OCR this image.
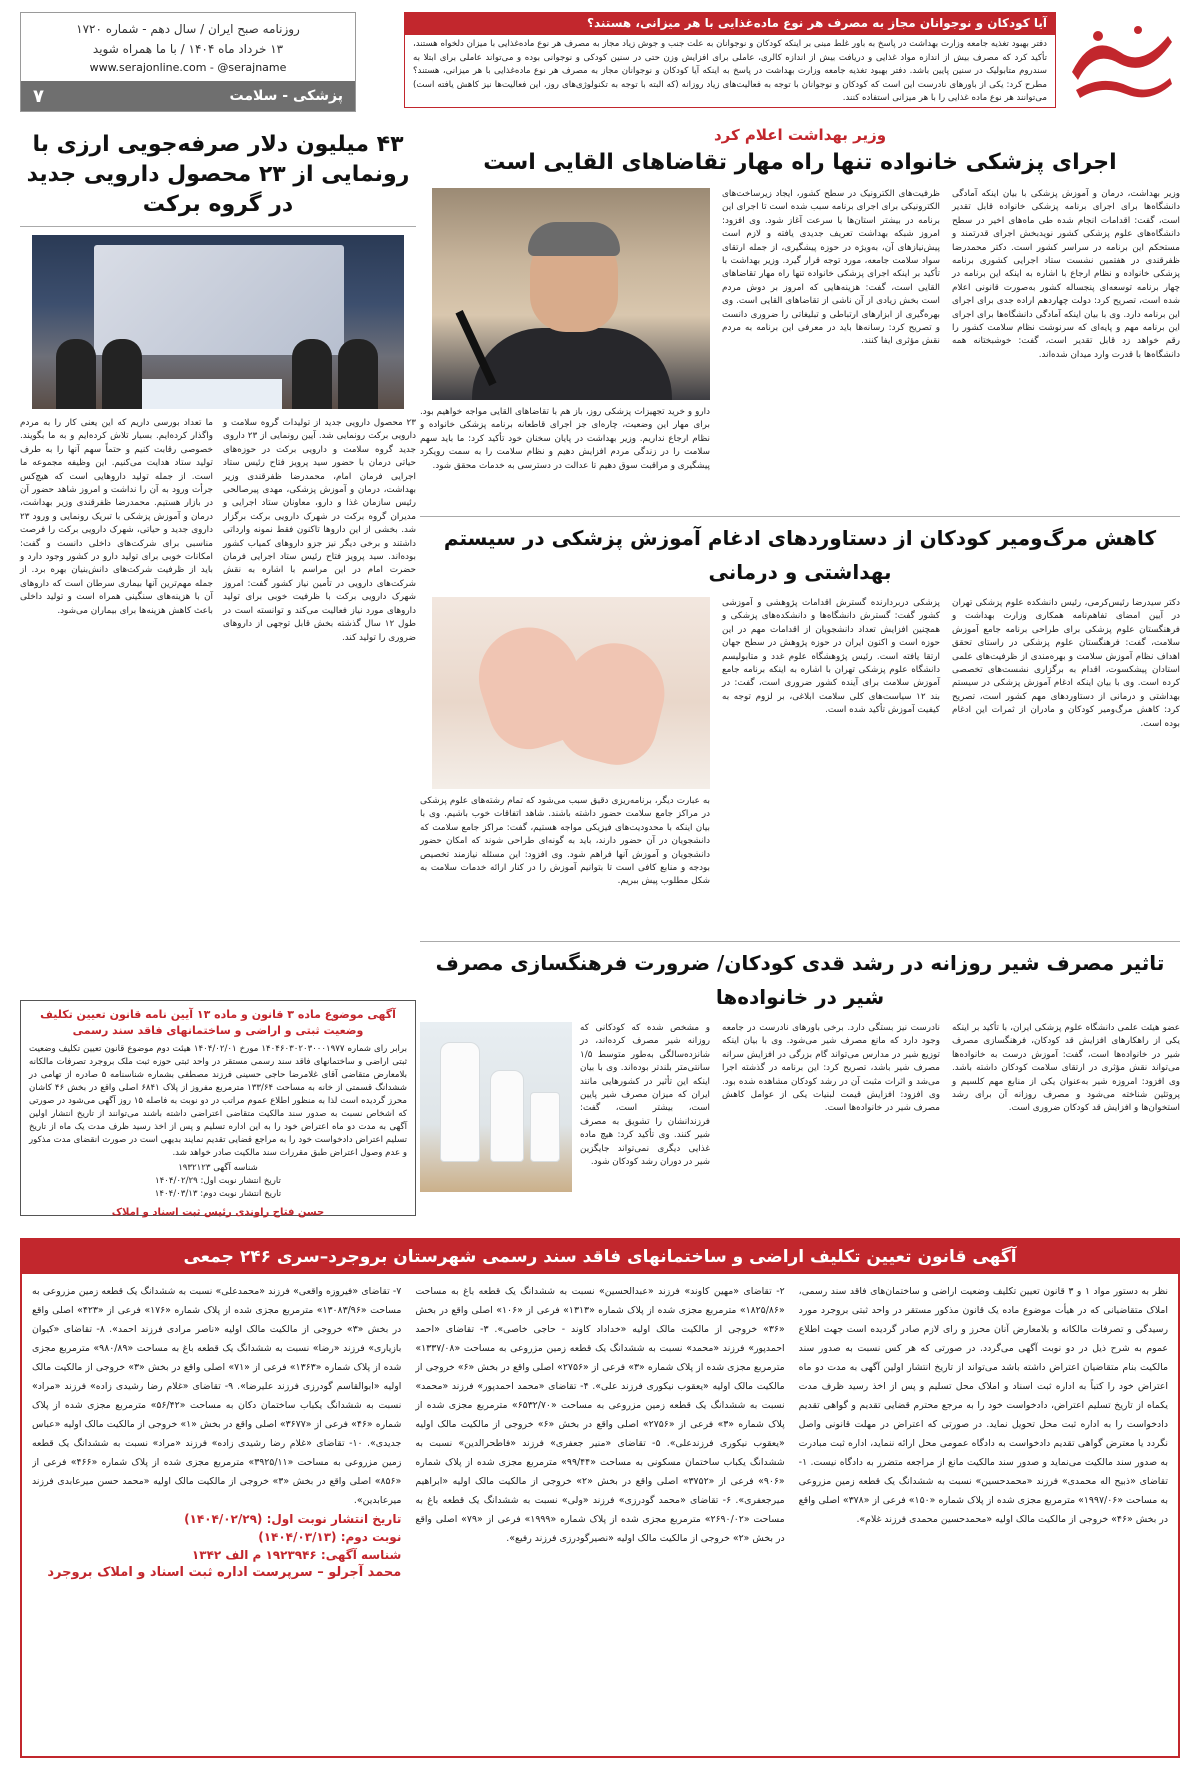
آیا کودکان و نوجوانان مجاز به مصرف هر نوع ماده‌غذایی با هر میزانی، هستند؟
دفتر بهبود تغذیه جامعه وزارت بهداشت در پاسخ به باور غلط مبنی بر اینکه کودکان و نوجوانان به علت جنب و جوش زیاد مجاز به مصرف هر نوع ماده‌غذایی با میزان دلخواه هستند، تأکید کرد که مصرف بیش از اندازه مواد غذایی و دریافت بیش از اندازه کالری، عاملی برای افزایش وزن حتی در سنین کودکی و نوجوانی بوده و می‌تواند عاملی برای ابتلا به سندروم متابولیک در سنین پایین باشد. دفتر بهبود تغذیه جامعه وزارت بهداشت در پاسخ به اینکه آیا کودکان و نوجوانان مجاز به مصرف هر نوع ماده‌غذایی با هر میزانی، هستند؟ مطرح کرد: یکی از باورهای نادرست این است که کودکان و نوجوانان با توجه به فعالیت‌های زیاد روزانه (که البته با توجه به تکنولوژی‌های روز، این فعالیت‌ها نیز کاهش یافته است) می‌توانند هر نوع ماده غذایی را با هر میزانی استفاده کنند.
روزنامه صبح ایران / سال دهم - شماره ۱۷۲۰
۱۳ خرداد ماه ۱۴۰۴ / با ما همراه شوید
www.serajonline.com - @serajname
پزشکی - سلامت
۷
۴۳ میلیون دلار صرفه‌جویی ارزی با رونمایی از ۲۳ محصول دارویی جدید در گروه برکت
۲۳ محصول دارویی جدید از تولیدات گروه سلامت و دارویی برکت رونمایی شد. آیین رونمایی از ۲۳ داروی جدید گروه سلامت و دارویی برکت در حوزه‌های حیاتی درمان با حضور سید پرویز فتاح رئیس ستاد اجرایی فرمان امام، محمدرضا ظفرقندی وزیر بهداشت، درمان و آموزش پزشکی، مهدی پیرصالحی رئیس سازمان غذا و دارو، معاونان ستاد اجرایی و مدیران گروه برکت در شهرک دارویی برکت برگزار شد. بخشی از این داروها تاکنون فقط نمونه وارداتی داشتند و برخی دیگر نیز جزو داروهای کمیاب کشور بوده‌اند. سید پرویز فتاح رئیس ستاد اجرایی فرمان حضرت امام در این مراسم با اشاره به نقش شرکت‌های دارویی در تأمین نیاز کشور گفت: امروز شهرک دارویی برکت با ظرفیت خوبی برای تولید داروهای مورد نیاز فعالیت می‌کند و توانسته است در طول ۱۲ سال گذشته بخش قابل توجهی از داروهای ضروری را تولید کند.
ما تعداد بورسی داریم که این یعنی کار را به مردم واگذار کرده‌ایم. بسیار تلاش کرده‌ایم و به ما بگویند. خصوصی رقابت کنیم و حتماً سهم آنها را به طرف تولید ستاد هدایت می‌کنیم. این وظیفه مجموعه ما است. از جمله تولید داروهایی است که هیچ‌کس جرأت ورود به آن را نداشت و امروز شاهد حضور آن در بازار هستیم. محمدرضا ظفرقندی وزیر بهداشت، درمان و آموزش پزشکی با تبریک رونمایی و ورود ۲۳ داروی جدید و حیاتی، شهرک دارویی برکت را فرصت مناسبی برای شرکت‌های داخلی دانست و گفت: امکانات خوبی برای تولید دارو در کشور وجود دارد و باید از ظرفیت شرکت‌های دانش‌بنیان بهره برد. از جمله مهم‌ترین آنها بیماری سرطان است که داروهای آن با هزینه‌های سنگینی همراه است و تولید داخلی باعث کاهش هزینه‌ها برای بیماران می‌شود.
آگهی موضوع ماده ۳ قانون و ماده ۱۳ آیین نامه قانون تعیین تکلیف وضعیت ثبتی و اراضی و ساختمانهای فاقد سند رسمی
برابر رای شماره ۱۴۰۴۶۰۳۰۲۰۳۰۰۰۱۹۷۷ مورخ ۱۴۰۴/۰۲/۰۱ هیئت دوم موضوع قانون تعیین تکلیف وضعیت ثبتی اراضی و ساختمانهای فاقد سند رسمی مستقر در واحد ثبتی حوزه ثبت ملک بروجرد تصرفات مالکانه بلامعارض متقاضی آقای غلامرضا حاجی حسینی فرزند مصطفی بشماره شناسنامه ۵ صادره از تهامی در ششدانگ قسمتی از خانه به مساحت ۱۳۳/۶۴ مترمربع مفروز از پلاک ۶۸۴۱ اصلی واقع در بخش ۴۶ کاشان محرز گردیده است لذا به منظور اطلاع عموم مراتب در دو نوبت به فاصله ۱۵ روز آگهی می‌شود در صورتی که اشخاص نسبت به صدور سند مالکیت متقاضی اعتراضی داشته باشند می‌توانند از تاریخ انتشار اولین آگهی به مدت دو ماه اعتراض خود را به این اداره تسلیم و پس از اخذ رسید ظرف مدت یک ماه از تاریخ تسلیم اعتراض دادخواست خود را به مراجع قضایی تقدیم نمایند بدیهی است در صورت انقضای مدت مذکور و عدم وصول اعتراض طبق مقررات سند مالکیت صادر خواهد شد.
شناسه آگهی ۱۹۳۲۱۲۳
تاریخ انتشار نوبت اول: ۱۴۰۴/۰۲/۲۹
تاریخ انتشار نوبت دوم: ۱۴۰۴/۰۳/۱۳
حسن فتاح راوندی رئیس ثبت اسناد و املاک
وزیر بهداشت اعلام کرد
اجرای پزشکی خانواده تنها راه مهار تقاضاهای القایی است
وزیر بهداشت، درمان و آموزش پزشکی با بیان اینکه آمادگی دانشگاه‌ها برای اجرای برنامه پزشکی خانواده قابل تقدیر است، گفت: اقدامات انجام شده طی ماه‌های اخیر در سطح دانشگاه‌های علوم پزشکی کشور نویدبخش اجرای قدرتمند و مستحکم این برنامه در سراسر کشور است. دکتر محمدرضا ظفرقندی در هفتمین نشست ستاد اجرایی کشوری برنامه پزشکی خانواده و نظام ارجاع با اشاره به اینکه این برنامه در چهار برنامه توسعه‌ای پنجساله کشور به‌صورت قانونی اعلام شده است، تصریح کرد: دولت چهاردهم اراده جدی برای اجرای این برنامه دارد. وی با بیان اینکه آمادگی دانشگاه‌ها برای اجرای این برنامه مهم و پایه‌ای که سرنوشت نظام سلامت کشور را رقم خواهد زد قابل تقدیر است، گفت: خوشبختانه همه دانشگاه‌ها با قدرت وارد میدان شده‌اند.
ظرفیت‌های الکترونیک در سطح کشور، ایجاد زیرساخت‌های الکترونیکی برای اجرای برنامه سبب شده است تا اجرای این برنامه در بیشتر استان‌ها با سرعت آغاز شود. وی افزود: امروز شبکه بهداشت تعریف جدیدی یافته و لازم است پیش‌نیازهای آن، به‌ویژه در حوزه پیشگیری، از جمله ارتقای سواد سلامت جامعه، مورد توجه قرار گیرد. وزیر بهداشت با تأکید بر اینکه اجرای پزشکی خانواده تنها راه مهار تقاضاهای القایی است، گفت: هزینه‌هایی که امروز بر دوش مردم است بخش زیادی از آن ناشی از تقاضاهای القایی است. وی بهره‌گیری از ابزارهای ارتباطی و تبلیغاتی را ضروری دانست و تصریح کرد: رسانه‌ها باید در معرفی این برنامه به مردم نقش مؤثری ایفا کنند.
دارو و خرید تجهیزات پزشکی روز، باز هم با تقاضاهای القایی مواجه خواهیم بود. برای مهار این وضعیت، چاره‌ای جز اجرای قاطعانه برنامه پزشکی خانواده و نظام ارجاع نداریم. وزیر بهداشت در پایان سخنان خود تأکید کرد: ما باید سهم سلامت را در زندگی مردم افزایش دهیم و نظام سلامت را به سمت رویکرد پیشگیری و مراقبت سوق دهیم تا عدالت در دسترسی به خدمات محقق شود.
کاهش مرگ‌ومیر کودکان از دستاوردهای ادغام آموزش پزشکی در سیستم بهداشتی و درمانی
دکتر سیدرضا رئیس‌کرمی، رئیس دانشکده علوم پزشکی تهران در آیین امضای تفاهم‌نامه همکاری وزارت بهداشت و فرهنگستان علوم پزشکی برای طراحی برنامه جامع آموزش سلامت، گفت: فرهنگستان علوم پزشکی در راستای تحقق اهداف نظام آموزش سلامت و بهره‌مندی از ظرفیت‌های علمی استادان پیشکسوت، اقدام به برگزاری نشست‌های تخصصی کرده است. وی با بیان اینکه ادغام آموزش پزشکی در سیستم بهداشتی و درمانی از دستاوردهای مهم کشور است، تصریح کرد: کاهش مرگ‌ومیر کودکان و مادران از ثمرات این ادغام بوده است.
پزشکی دربردارنده گسترش اقدامات پژوهشی و آموزشی کشور گفت: گسترش دانشگاه‌ها و دانشکده‌های پزشکی و همچنین افزایش تعداد دانشجویان از اقدامات مهم در این حوزه است و اکنون ایران در حوزه پژوهش در سطح جهان ارتقا یافته است. رئیس پژوهشگاه علوم غدد و متابولیسم دانشگاه علوم پزشکی تهران با اشاره به اینکه برنامه جامع آموزش سلامت برای آینده کشور ضروری است، گفت: در بند ۱۲ سیاست‌های کلی سلامت ابلاغی، بر لزوم توجه به کیفیت آموزش تأکید شده است.
به عبارت دیگر، برنامه‌ریزی دقیق سبب می‌شود که تمام رشته‌های علوم پزشکی در مراکز جامع سلامت حضور داشته باشند. شاهد اتفاقات خوب باشیم. وی با بیان اینکه با محدودیت‌های فیزیکی مواجه هستیم، گفت: مراکز جامع سلامت که دانشجویان در آن حضور دارند، باید به گونه‌ای طراحی شوند که امکان حضور دانشجویان و آموزش آنها فراهم شود. وی افزود: این مسئله نیازمند تخصیص بودجه و منابع کافی است تا بتوانیم آموزش را در کنار ارائه خدمات سلامت به شکل مطلوب پیش ببریم.
تاثیر مصرف شیر روزانه در رشد قدی کودکان/ ضرورت فرهنگسازی مصرف شیر در خانواده‌ها
عضو هیئت علمی دانشگاه علوم پزشکی ایران، با تأکید بر اینکه یکی از راهکارهای افزایش قد کودکان، فرهنگسازی مصرف شیر در خانواده‌ها است، گفت: آموزش درست به خانواده‌ها می‌تواند نقش مؤثری در ارتقای سلامت کودکان داشته باشد. وی افزود: امروزه شیر به‌عنوان یکی از منابع مهم کلسیم و پروتئین شناخته می‌شود و مصرف روزانه آن برای رشد استخوان‌ها و افزایش قد کودکان ضروری است.
نادرست نیز بستگی دارد. برخی باورهای نادرست در جامعه وجود دارد که مانع مصرف شیر می‌شود. وی با بیان اینکه توزیع شیر در مدارس می‌تواند گام بزرگی در افزایش سرانه مصرف شیر باشد، تصریح کرد: این برنامه در گذشته اجرا می‌شد و اثرات مثبت آن در رشد کودکان مشاهده شده بود. وی افزود: افزایش قیمت لبنیات یکی از عوامل کاهش مصرف شیر در خانواده‌ها است.
و مشخص شده که کودکانی که روزانه شیر مصرف کرده‌اند، در شانزده‌سالگی به‌طور متوسط ۱/۵ سانتی‌متر بلندتر بوده‌اند. وی با بیان اینکه این تأثیر در کشورهایی مانند ایران که میزان مصرف شیر پایین است، بیشتر است، گفت: فرزندانشان را تشویق به مصرف شیر کنند. وی تأکید کرد: هیچ ماده غذایی دیگری نمی‌تواند جایگزین شیر در دوران رشد کودکان شود.
آگهی قانون تعیین تکلیف اراضی و ساختمانهای فاقد سند رسمی شهرستان بروجرد–سری ۲۴۶ جمعی
نظر به دستور مواد ۱ و ۳ قانون تعیین تکلیف وضعیت اراضی و ساختمان‌های فاقد سند رسمی، املاک متقاضیانی که در هیأت موضوع ماده یک قانون مذکور مستقر در واحد ثبتی بروجرد مورد رسیدگی و تصرفات مالکانه و بلامعارض آنان محرز و رای لازم صادر گردیده است جهت اطلاع عموم به شرح ذیل در دو نوبت آگهی می‌گردد. در صورتی که هر کس نسبت به صدور سند مالکیت بنام متقاضیان اعتراض داشته باشد می‌تواند از تاریخ انتشار اولین آگهی به مدت دو ماه اعتراض خود را کتباً به اداره ثبت اسناد و املاک محل تسلیم و پس از اخذ رسید ظرف مدت یکماه از تاریخ تسلیم اعتراض، دادخواست خود را به مرجع محترم قضایی تقدیم و گواهی تقدیم دادخواست را به اداره ثبت محل تحویل نماید. در صورتی که اعتراض در مهلت قانونی واصل نگردد یا معترض گواهی تقدیم دادخواست به دادگاه عمومی محل ارائه ننماید، اداره ثبت مبادرت به صدور سند مالکیت می‌نماید و صدور سند مالکیت مانع از مراجعه متضرر به دادگاه نیست. ۱- تقاضای «ذبیح اله محمدی» فرزند «محمدحسین» نسبت به ششدانگ یک قطعه زمین مزروعی به مساحت «۱۹۹۷/۰۶» مترمربع مجزی شده از پلاک شماره «۱۵۰» فرعی از «۳۷۸» اصلی واقع در بخش «۴۶» خروجی از مالکیت مالک اولیه «محمدحسین محمدی فرزند غلام».
۲- تقاضای «مهین کاوند» فرزند «عبدالحسین» نسبت به ششدانگ یک قطعه باغ به مساحت «۱۸۲۵/۸۶» مترمربع مجزی شده از پلاک شماره «۱۳۱۳» فرعی از «۱۰۶» اصلی واقع در بخش «۳۶» خروجی از مالکیت مالک اولیه «خداداد کاوند - حاجی خاصی». ۳- تقاضای «احمد احمدپور» فرزند «محمد» نسبت به ششدانگ یک قطعه زمین مزروعی به مساحت «۱۳۳۷/۰۸» مترمربع مجزی شده از پلاک شماره «۳» فرعی از «۲۷۵۶» اصلی واقع در بخش «۶» خروجی از مالکیت مالک اولیه «یعقوب نیکوری فرزند علی». ۴- تقاضای «محمد احمدپور» فرزند «محمد» نسبت به ششدانگ یک قطعه زمین مزروعی به مساحت «۶۵۳۲/۷۰» مترمربع مجزی شده از پلاک شماره «۳» فرعی از «۲۷۵۶» اصلی واقع در بخش «۶» خروجی از مالکیت مالک اولیه «یعقوب نیکوری فرزندعلی». ۵- تقاضای «منیر جعفری» فرزند «فاطحرالدین» نسبت به ششدانگ یکباب ساختمان مسکونی به مساحت «۹۹/۴۴» مترمربع مجزی شده از پلاک شماره «۹۰۶» فرعی از «۳۷۵۲» اصلی واقع در بخش «۲» خروجی از مالکیت مالک اولیه «ابراهیم میرجعفری». ۶- تقاضای «محمد گودرزی» فرزند «ولی» نسبت به ششدانگ یک قطعه باغ به مساحت «۲۶۹۰/۰۲» مترمربع مجزی شده از پلاک شماره «۱۹۹۹» فرعی از «۷۹» اصلی واقع در بخش «۲» خروجی از مالکیت مالک اولیه «نصیرگودرزی فرزند رفیع».
۷- تقاضای «فیروزه واقعی» فرزند «محمدعلی» نسبت به ششدانگ یک قطعه زمین مزروعی به مساحت «۱۳۰۸۳/۹۶» مترمربع مجزی شده از پلاک شماره «۱۷۶» فرعی از «۴۲۳» اصلی واقع در بخش «۳» خروجی از مالکیت مالک اولیه «ناصر مرادی فرزند احمد». ۸- تقاضای «کیوان بازیاری» فرزند «رضا» نسبت به ششدانگ یک قطعه باغ به مساحت «۹۸۰/۸۹» مترمربع مجزی شده از پلاک شماره «۱۳۶۳» فرعی از «۷۱» اصلی واقع در بخش «۳» خروجی از مالکیت مالک اولیه «ابوالقاسم گودرزی فرزند علیرضا». ۹- تقاضای «غلام رضا رشیدی زاده» فرزند «مراد» نسبت به ششدانگ یکباب ساختمان دکان به مساحت «۵۶/۴۲» مترمربع مجزی شده از پلاک شماره «۴۶» فرعی از «۳۶۷۷» اصلی واقع در بخش «۱» خروجی از مالکیت مالک اولیه «عباس جدیدی». ۱۰- تقاضای «غلام رضا رشیدی زاده» فرزند «مراد» نسبت به ششدانگ یک قطعه زمین مزروعی به مساحت «۳۹۲۵/۱۱» مترمربع مجزی شده از پلاک شماره «۴۶۶» فرعی از «۸۵۶» اصلی واقع در بخش «۳» خروجی از مالکیت مالک اولیه «محمد حسن میرعابدی فرزند میرعابدین».
تاریخ انتشار نوبت اول: (۱۴۰۴/۰۲/۲۹)
نوبت دوم: (۱۴۰۴/۰۳/۱۳)
شناسه آگهی: ۱۹۲۳۹۴۶ م الف ۱۳۴۲
محمد آجرلو – سرپرست اداره ثبت اسناد و املاک بروجرد
